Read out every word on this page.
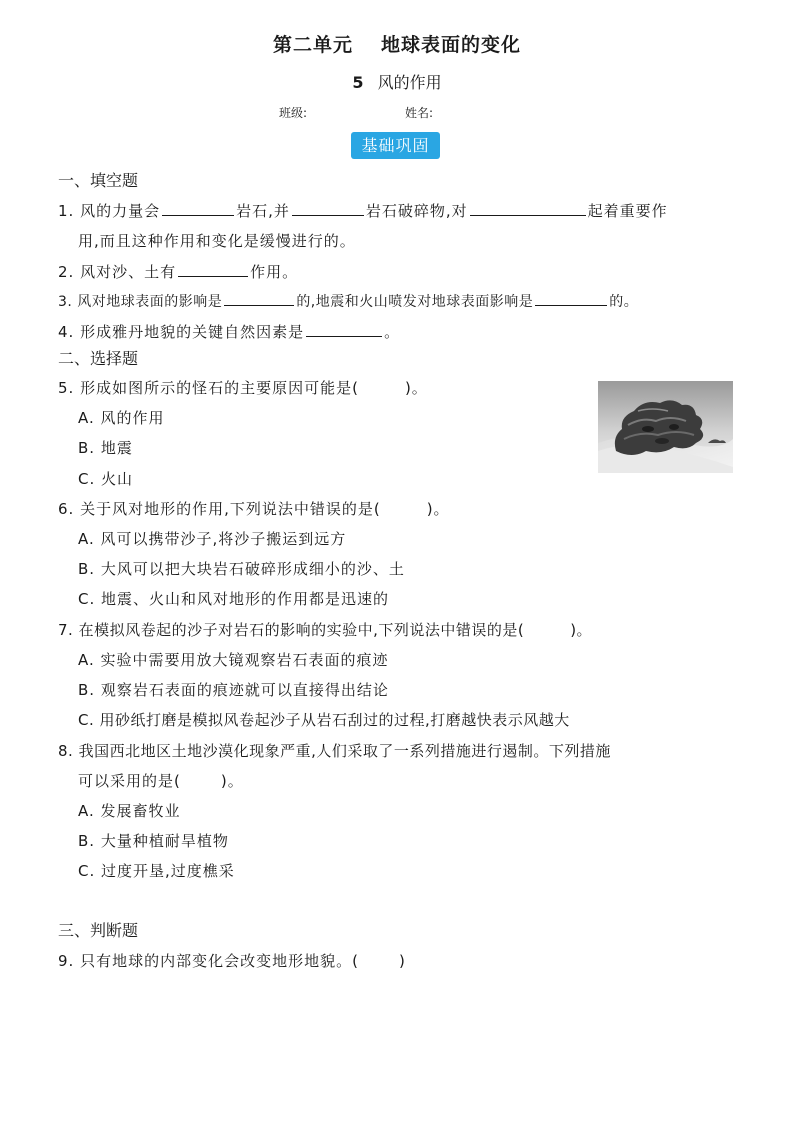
第二单元 地球表面的变化
5 风的作用
班级:	姓名:
基础巩固
一、填空题
1. 风的力量会	岩石,并	岩石破碎物,对	起着重要作
用,而且这种作用和变化是缓慢进行的。
2. 风对沙、土有	作用。
3. 风对地球表面的影响是	的,地震和火山喷发对地球表面影响是	的。
4. 形成雅丹地貌的关键自然因素是	。
二、选择题
5. 形成如图所示的怪石的主要原因可能是(	)。
A. 风的作用
B. 地震
C. 火山
6. 关于风对地形的作用,下列说法中错误的是(	)。
A. 风可以携带沙子,将沙子搬运到远方
B. 大风可以把大块岩石破碎形成细小的沙、土
C. 地震、火山和风对地形的作用都是迅速的
7. 在模拟风卷起的沙子对岩石的影响的实验中,下列说法中错误的是(	)。
A. 实验中需要用放大镜观察岩石表面的痕迹
B. 观察岩石表面的痕迹就可以直接得出结论
C. 用砂纸打磨是模拟风卷起沙子从岩石刮过的过程,打磨越快表示风越大
8. 我国西北地区土地沙漠化现象严重,人们采取了一系列措施进行遏制。下列措施
可以采用的是(	)。
A. 发展畜牧业
B. 大量种植耐旱植物
C. 过度开垦,过度樵采
三、判断题
9. 只有地球的内部变化会改变地形地貌。(	)
